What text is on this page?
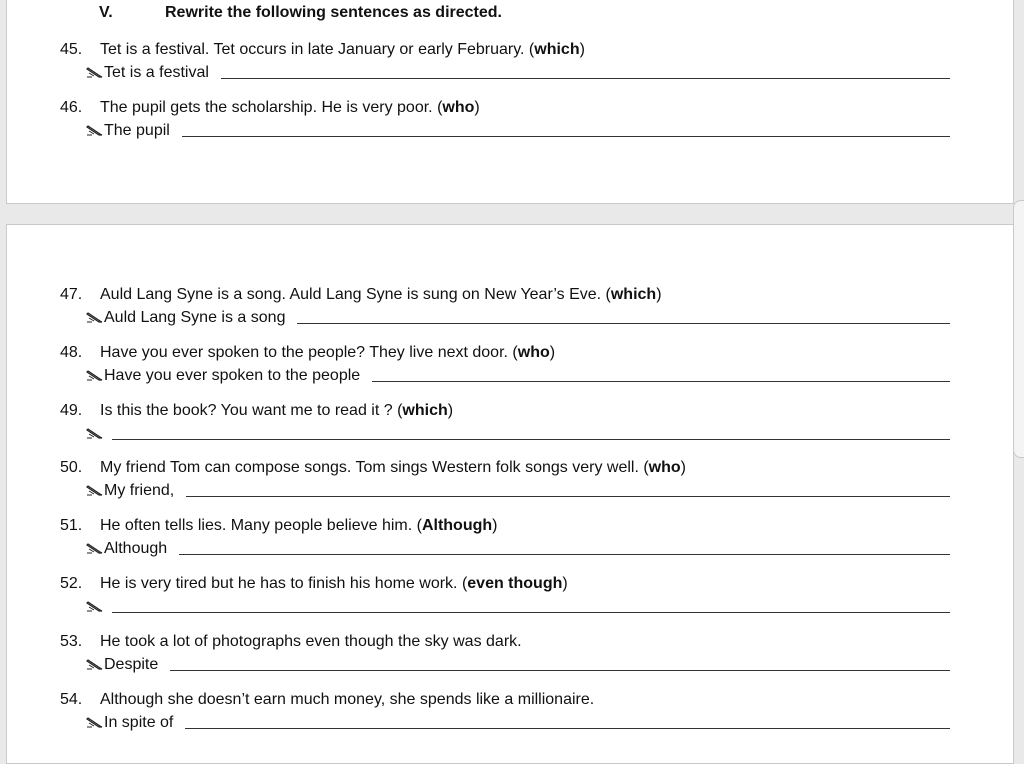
V.	Rewrite the following sentences as directed.
45. Tet is a festival. Tet occurs in late January or early February. (which)
Tet is a festival
46. The pupil gets the scholarship. He is very poor. (who)
The pupil
47. Auld Lang Syne is a song. Auld Lang Syne is sung on New Year’s Eve. (which)
Auld Lang Syne is a song
48. Have you ever spoken to the people? They live next door. (who)
Have you ever spoken to the people
49. Is this the book? You want me to read it ? (which)
50. My friend Tom can compose songs. Tom sings Western folk songs very well. (who)
My friend,
51. He often tells lies. Many people believe him. (Although)
Although
52. He is very tired but he has to finish his home work. (even though)
53. He took a lot of photographs even though the sky was dark.
Despite
54. Although she doesn’t earn much money, she spends like a millionaire.
In spite of
